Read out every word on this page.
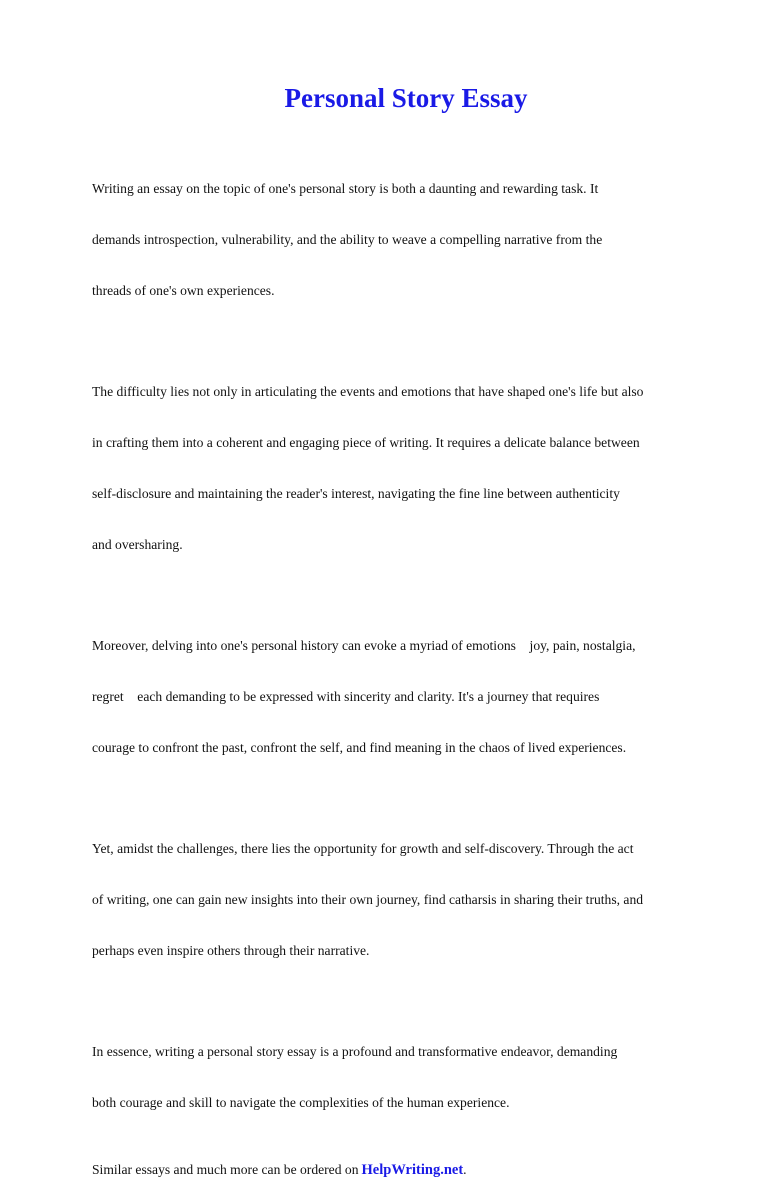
Personal Story Essay

Writing an essay on the topic of one's personal story is both a daunting and rewarding task. It

demands introspection, vulnerability, and the ability to weave a compelling narrative from the

threads of one's own experiences.

The difficulty lies not only in articulating the events and emotions that have shaped one's life but also

in crafting them into a coherent and engaging piece of writing. It requires a delicate balance between

self-disclosure and maintaining the reader's interest, navigating the fine line between authenticity

and oversharing.

Moreover, delving into one's personal history can evoke a myriad of emotions    joy, pain, nostalgia,

regret    each demanding to be expressed with sincerity and clarity. It's a journey that requires

courage to confront the past, confront the self, and find meaning in the chaos of lived experiences.

Yet, amidst the challenges, there lies the opportunity for growth and self-discovery. Through the act

of writing, one can gain new insights into their own journey, find catharsis in sharing their truths, and

perhaps even inspire others through their narrative.

In essence, writing a personal story essay is a profound and transformative endeavor, demanding

both courage and skill to navigate the complexities of the human experience.

Similar essays and much more can be ordered on HelpWriting.net.
